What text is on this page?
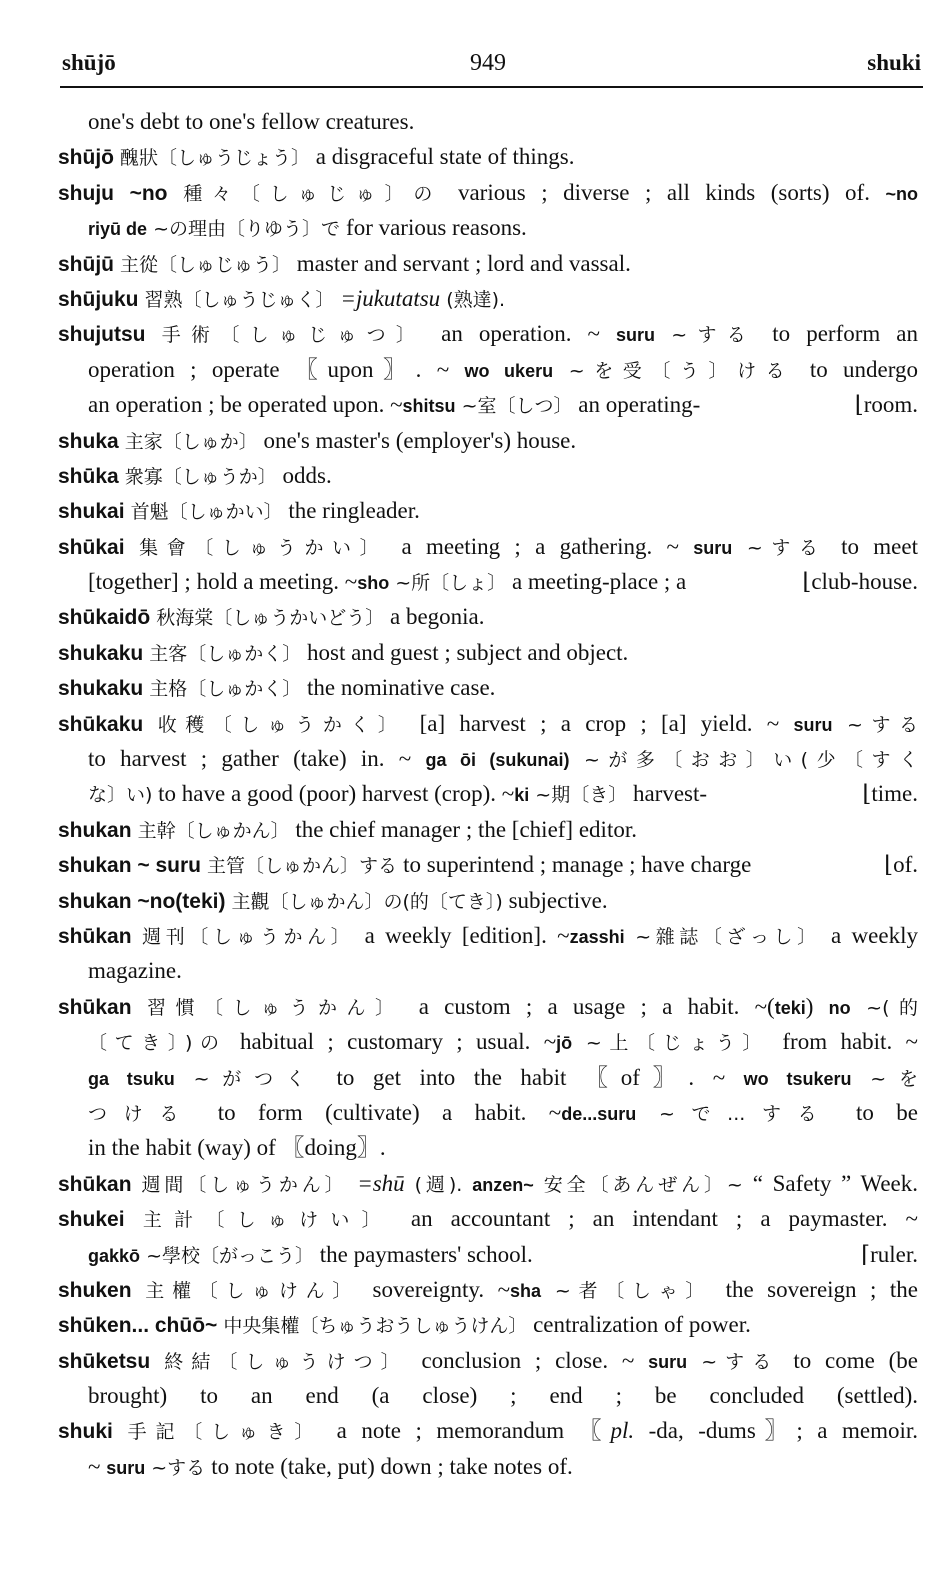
shūjō	949	shuki
one's debt to one's fellow creatures.
shūjō 醜狀〔しゅうじょう〕 a disgraceful state of things.
shuju ~no 種々〔しゅじゅ〕の various ; diverse ; all kinds (sorts) of. ~no
riyū de ~の理由〔りゆう〕で for various reasons.
shūjū 主從〔しゅじゅう〕 master and servant ; lord and vassal.
shūjuku 習熟〔しゅうじゅく〕 =jukutatsu (熟達).
shujutsu 手術〔しゅじゅつ〕 an operation. ~ suru ~する to perform an
operation ; operate 〖upon〗. ~ wo ukeru ~を受〔う〕ける to undergo
⌊room.
an operation ; be operated upon. ~shitsu ~室〔しつ〕 an operating-
shuka 主家〔しゅか〕 one's master's (employer's) house.
shūka 衆寡〔しゅうか〕 odds.
shukai 首魁〔しゅかい〕 the ringleader.
shūkai 集會〔しゅうかい〕 a meeting ; a gathering. ~ suru ~する to meet
⌊club-house.
[together] ; hold a meeting. ~sho ~所〔しょ〕 a meeting-place ; a
shūkaidō 秋海棠〔しゅうかいどう〕 a begonia.
shukaku 主客〔しゅかく〕 host and guest ; subject and object.
shukaku 主格〔しゅかく〕 the nominative case.
shūkaku 收穫〔しゅうかく〕 [a] harvest ; a crop ; [a] yield. ~ suru ~する
to harvest ; gather (take) in. ~ ga ōi (sukunai) ~が多〔おお〕い(少〔すく
⌊time.
な〕い) to have a good (poor) harvest (crop). ~ki ~期〔き〕 harvest-
shukan 主幹〔しゅかん〕 the chief manager ; the [chief] editor.
⌊of.
shukan ~ suru 主管〔しゅかん〕する to superintend ; manage ; have charge
shukan ~no(teki) 主觀〔しゅかん〕の(的〔てき〕) subjective.
shūkan 週刊〔しゅうかん〕 a weekly [edition]. ~zasshi ~雜誌〔ざっし〕 a weekly
magazine.
shūkan 習慣〔しゅうかん〕 a custom ; a usage ; a habit. ~(teki) no ~(的
〔てき〕)の habitual ; customary ; usual. ~jō ~上〔じょう〕 from habit. ~
ga tsuku ~がつく to get into the habit 〖of〗. ~ wo tsukeru ~を
つける to form (cultivate) a habit. ~de...suru ~で...する to be
in the habit (way) of 〖doing〗.
shūkan 週間〔しゅうかん〕 =shū (週). anzen~ 安全〔あんぜん〕~ “ Safety ” Week.
shukei 主計〔しゅけい〕 an accountant ; an intendant ; a paymaster. ~
⌈ruler.
gakkō ~學校〔がっこう〕 the paymasters' school.
shuken 主權〔しゅけん〕 sovereignty. ~sha ~者〔しゃ〕 the sovereign ; the
shūken... chūō~ 中央集權〔ちゅうおうしゅうけん〕 centralization of power.
shūketsu 終結〔しゅうけつ〕 conclusion ; close. ~ suru ~する to come (be
brought) to an end (a close) ; end ; be concluded (settled).
shuki 手記〔しゅき〕 a note ; memorandum 〖pl. -da, -dums〗; a memoir.
~ suru ~する to note (take, put) down ; take notes of.
